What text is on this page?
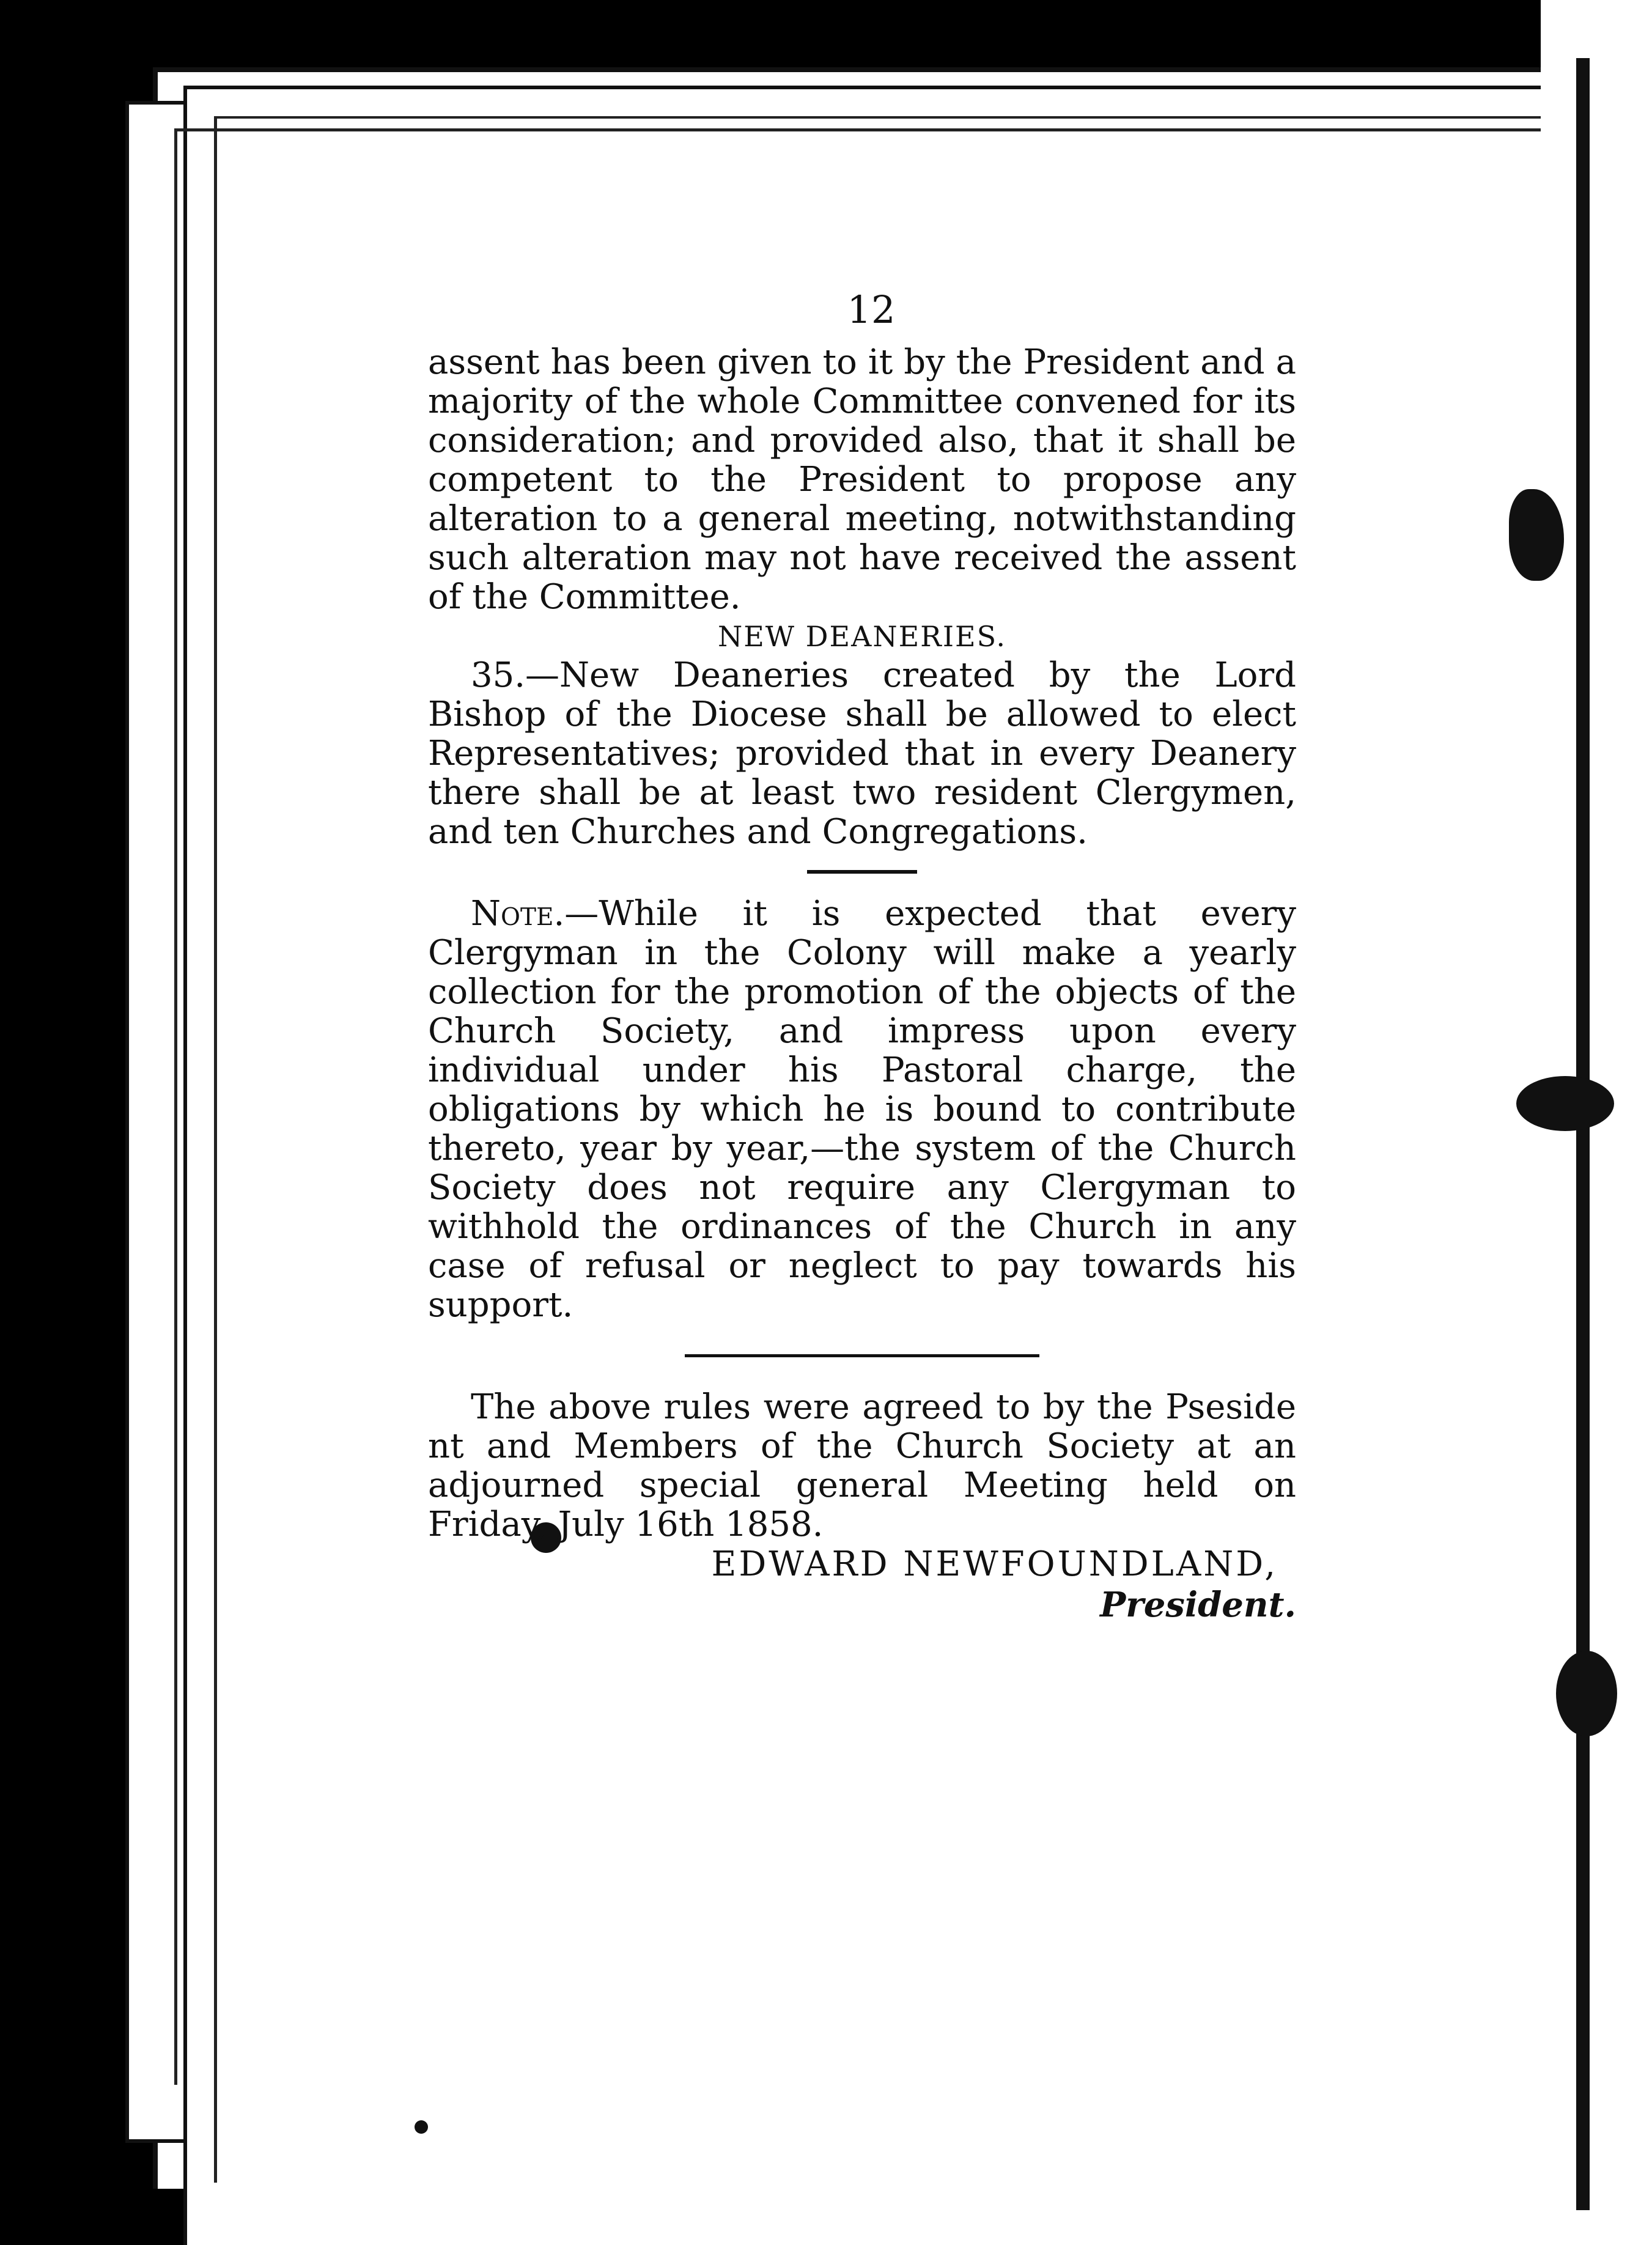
12

assent has been given to it by the President and a majority of the whole Committee convened for its consideration; and provided also, that it shall be competent to the President to propose any alteration to a general meeting, notwithstanding such alteration may not have received the assent of the Committee.

NEW DEANERIES.

35.—New Deaneries created by the Lord Bishop of the Diocese shall be allowed to elect Representatives; provided that in every Deanery there shall be at least two resident Clergymen, and ten Churches and Congregations.

Note.—While it is expected that every Clergyman in the Colony will make a yearly collection for the promotion of the objects of the Church Society, and impress upon every individual under his Pastoral charge, the obligations by which he is bound to contribute thereto, year by year,—the system of the Church Society does not require any Clergyman to withhold the ordinances of the Church in any case of refusal or neglect to pay towards his support.

The above rules were agreed to by the Pseside​nt and Members of the Church Society at an adjourned special general Meeting held on Friday, July 16th 1858.

EDWARD NEWFOUNDLAND,

President.
